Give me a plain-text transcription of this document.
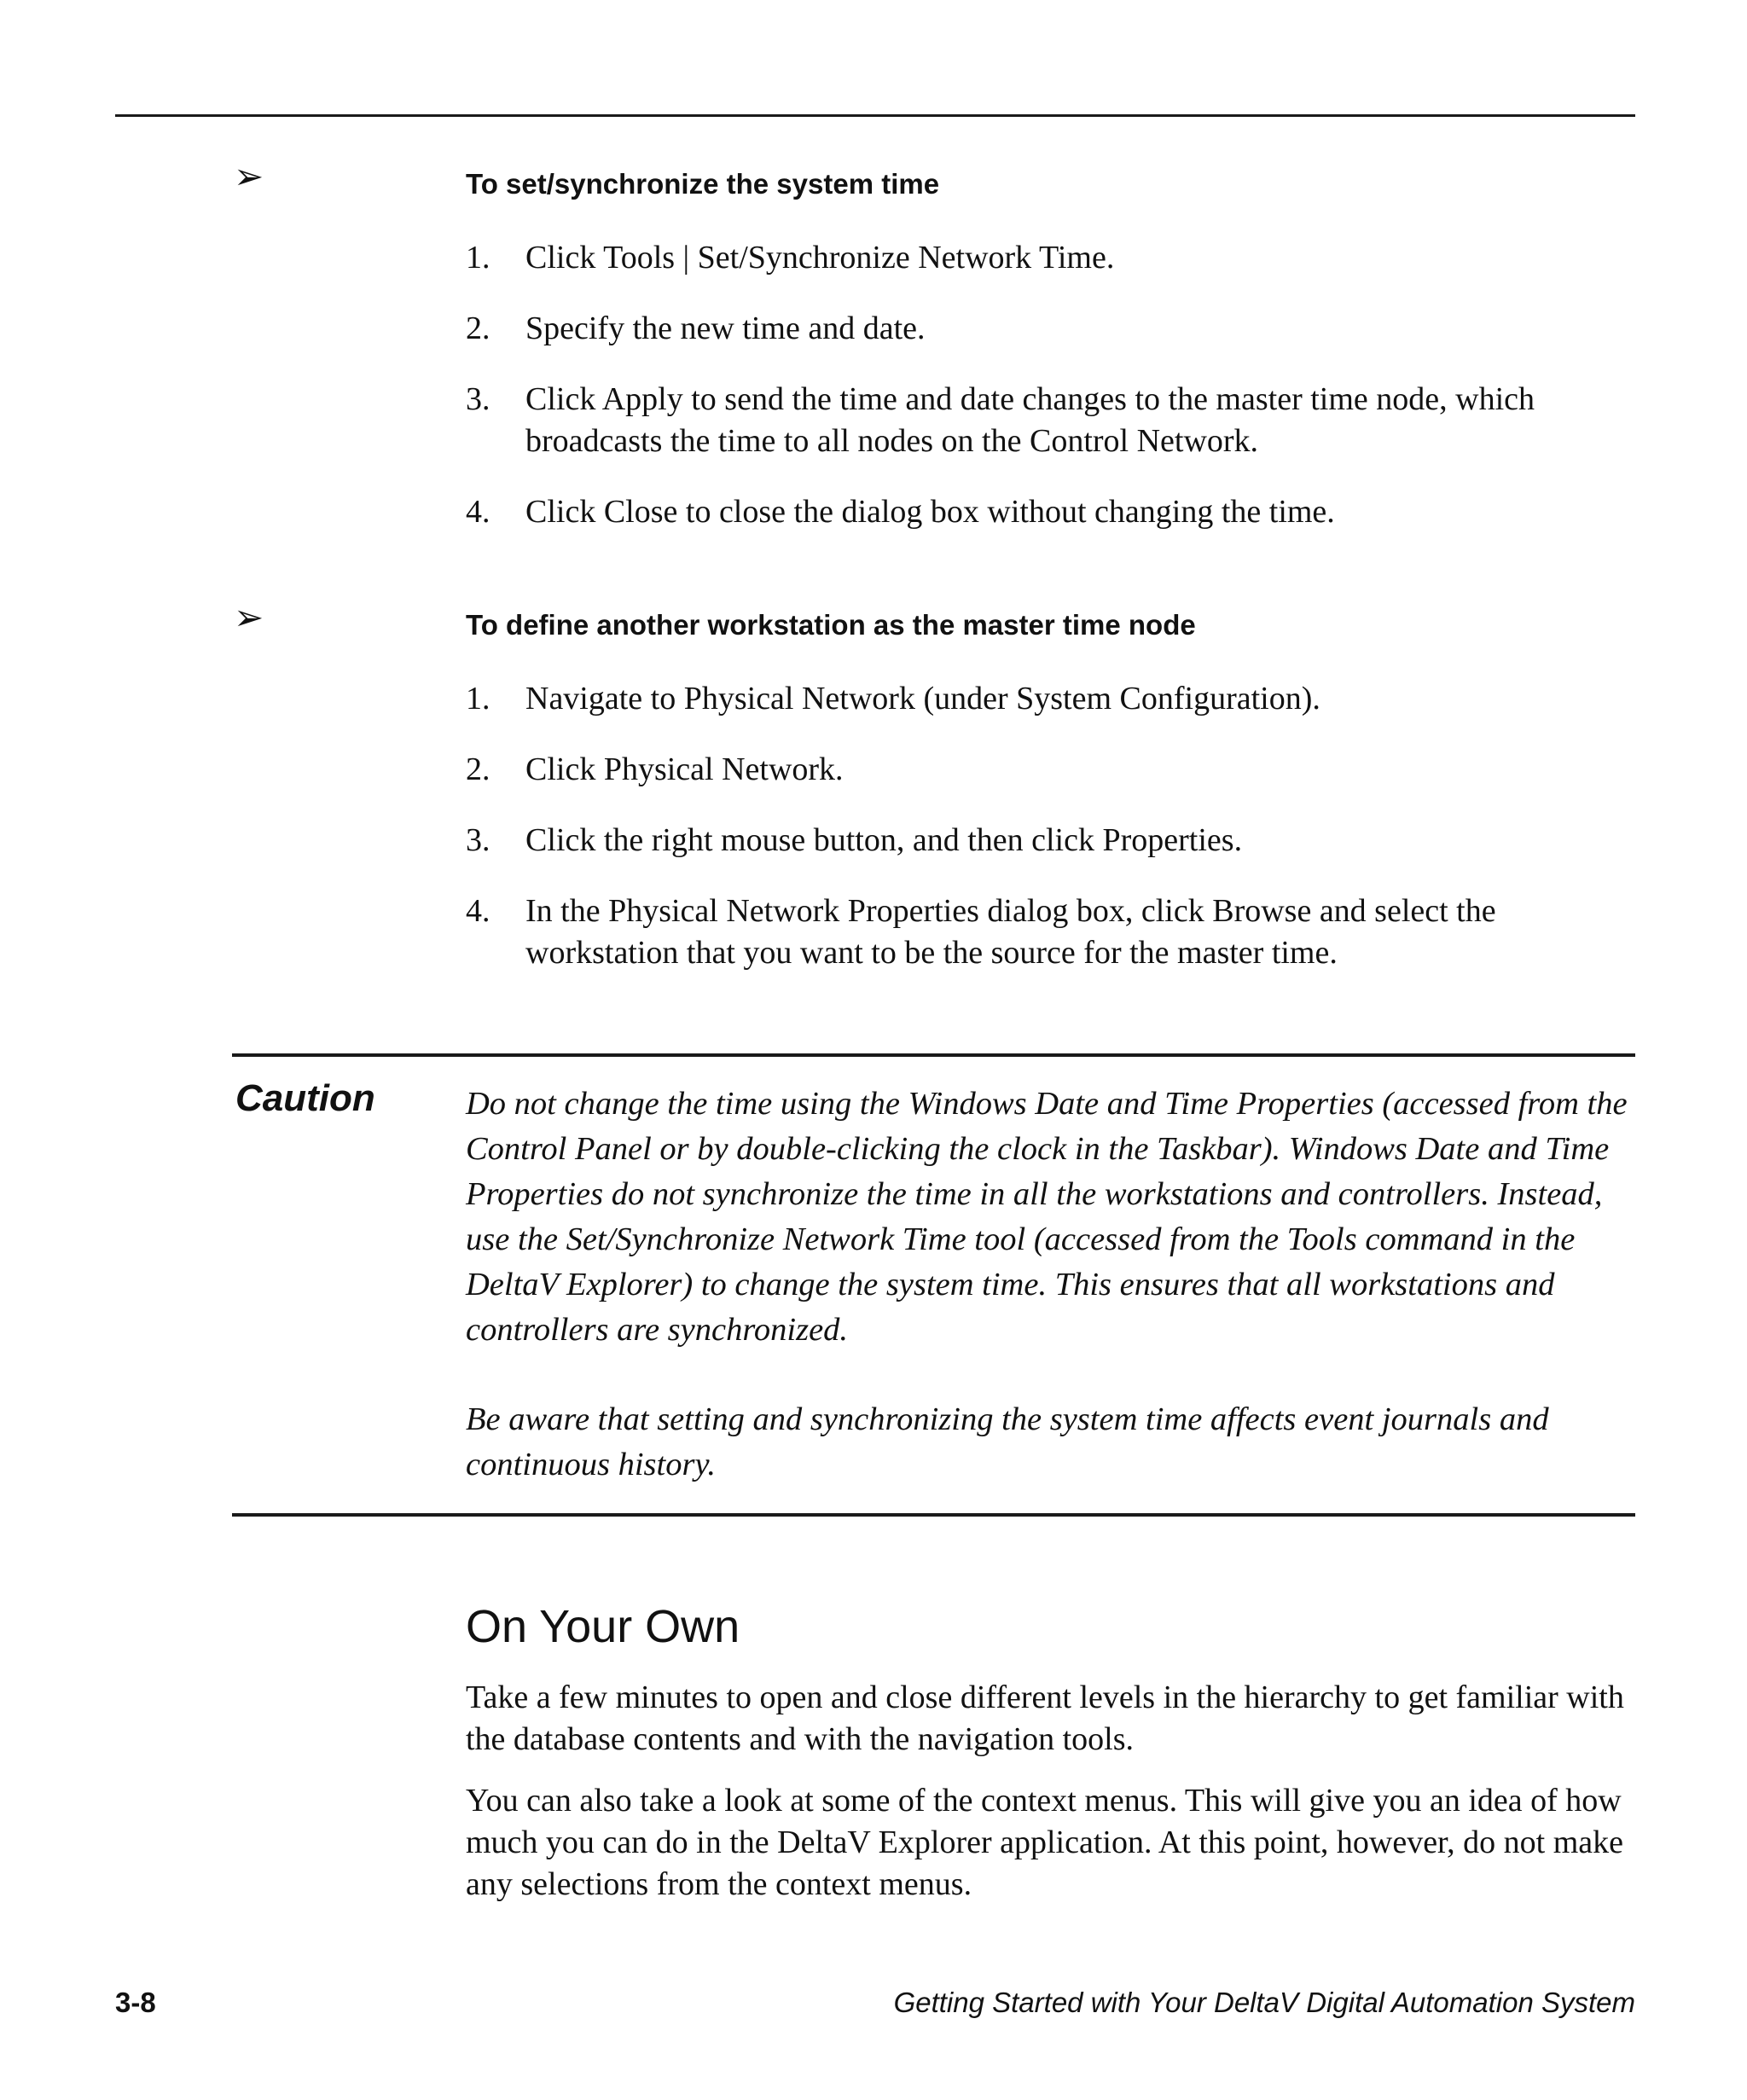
➢	To set/synchronize the system time
1. Click Tools | Set/Synchronize Network Time.
2. Specify the new time and date.
3. Click Apply to send the time and date changes to the master time node, which broadcasts the time to all nodes on the Control Network.
4. Click Close to close the dialog box without changing the time.
➢	To define another workstation as the master time node
1. Navigate to Physical Network (under System Configuration).
2. Click Physical Network.
3. Click the right mouse button, and then click Properties.
4. In the Physical Network Properties dialog box, click Browse and select the workstation that you want to be the source for the master time.
Caution	Do not change the time using the Windows Date and Time Properties (accessed from the Control Panel or by double-clicking the clock in the Taskbar). Windows Date and Time Properties do not synchronize the time in all the workstations and controllers. Instead, use the Set/Synchronize Network Time tool (accessed from the Tools command in the DeltaV Explorer) to change the system time. This ensures that all workstations and controllers are synchronized.

Be aware that setting and synchronizing the system time affects event journals and continuous history.

On Your Own

Take a few minutes to open and close different levels in the hierarchy to get familiar with the database contents and with the navigation tools.

You can also take a look at some of the context menus. This will give you an idea of how much you can do in the DeltaV Explorer application. At this point, however, do not make any selections from the context menus.

3-8	Getting Started with Your DeltaV Digital Automation System
